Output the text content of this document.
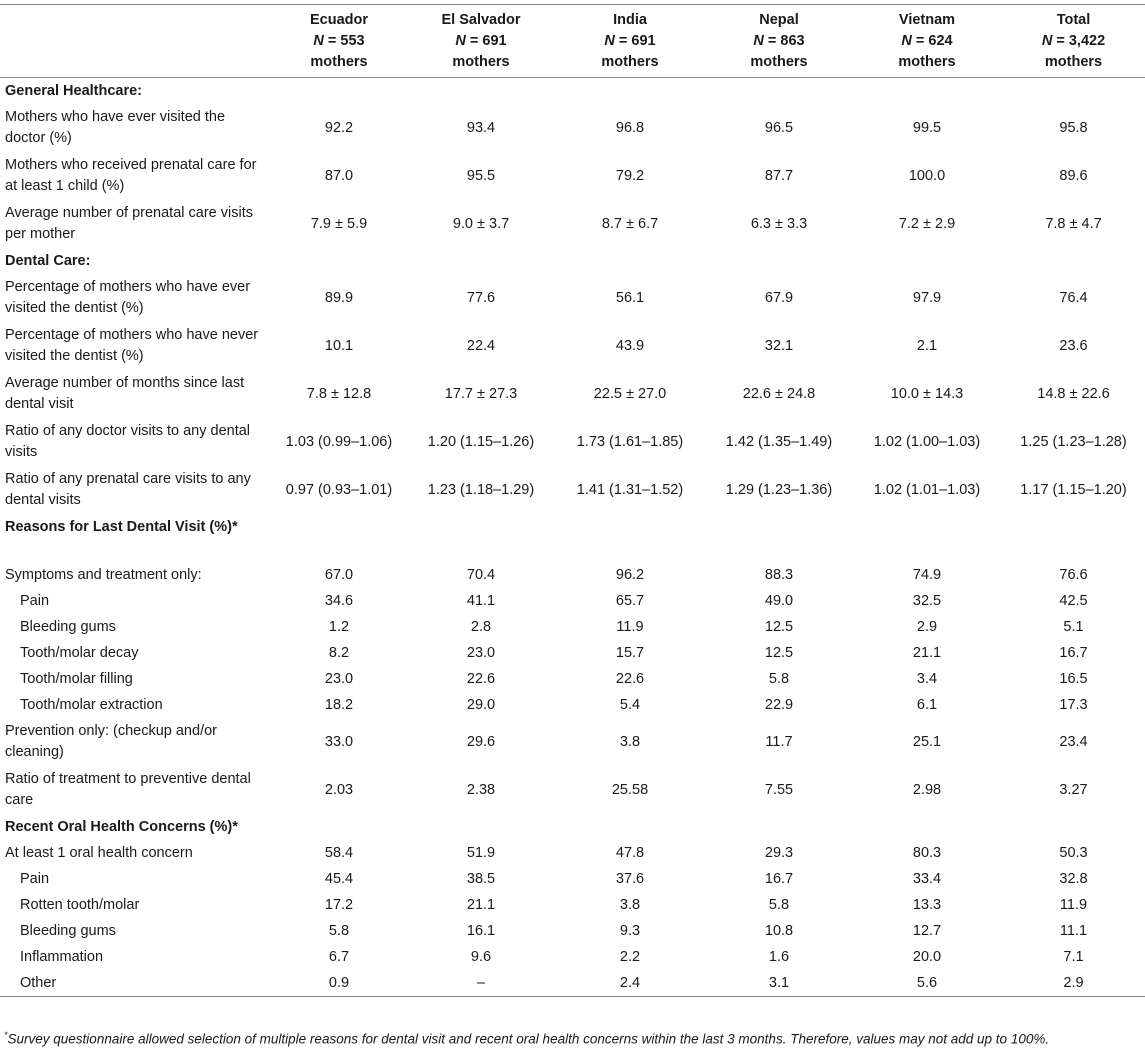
	Ecuador
N = 553
mothers	El Salvador
N = 691
mothers	India
N = 691
mothers	Nepal
N = 863
mothers	Vietnam
N = 624
mothers	Total
N = 3,422
mothers

General Healthcare:						
Mothers who have ever visited the doctor (%)	92.2	93.4	96.8	96.5	99.5	95.8
Mothers who received prenatal care for at least 1 child (%)	87.0	95.5	79.2	87.7	100.0	89.6
Average number of prenatal care visits per mother	7.9 ± 5.9	9.0 ± 3.7	8.7 ± 6.7	6.3 ± 3.3	7.2 ± 2.9	7.8 ± 4.7
Dental Care:						
Percentage of mothers who have ever visited the dentist (%)	89.9	77.6	56.1	67.9	97.9	76.4
Percentage of mothers who have never visited the dentist (%)	10.1	22.4	43.9	32.1	2.1	23.6
Average number of months since last dental visit	7.8 ± 12.8	17.7 ± 27.3	22.5 ± 27.0	22.6 ± 24.8	10.0 ± 14.3	14.8 ± 22.6
Ratio of any doctor visits to any dental visits	1.03 (0.99–1.06)	1.20 (1.15–1.26)	1.73 (1.61–1.85)	1.42 (1.35–1.49)	1.02 (1.00–1.03)	1.25 (1.23–1.28)
Ratio of any prenatal care visits to any dental visits	0.97 (0.93–1.01)	1.23 (1.18–1.29)	1.41 (1.31–1.52)	1.29 (1.23–1.36)	1.02 (1.01–1.03)	1.17 (1.15–1.20)
Reasons for Last Dental Visit (%)*						
Symptoms and treatment only:	67.0	70.4	96.2	88.3	74.9	76.6
Pain	34.6	41.1	65.7	49.0	32.5	42.5
Bleeding gums	1.2	2.8	11.9	12.5	2.9	5.1
Tooth/molar decay	8.2	23.0	15.7	12.5	21.1	16.7
Tooth/molar filling	23.0	22.6	22.6	5.8	3.4	16.5
Tooth/molar extraction	18.2	29.0	5.4	22.9	6.1	17.3
Prevention only: (checkup and/or cleaning)	33.0	29.6	3.8	11.7	25.1	23.4
Ratio of treatment to preventive dental care	2.03	2.38	25.58	7.55	2.98	3.27
Recent Oral Health Concerns (%)*						
At least 1 oral health concern	58.4	51.9	47.8	29.3	80.3	50.3
Pain	45.4	38.5	37.6	16.7	33.4	32.8
Rotten tooth/molar	17.2	21.1	3.8	5.8	13.3	11.9
Bleeding gums	5.8	16.1	9.3	10.8	12.7	11.1
Inflammation	6.7	9.6	2.2	1.6	20.0	7.1
Other	0.9	–	2.4	3.1	5.6	2.9
*Survey questionnaire allowed selection of multiple reasons for dental visit and recent oral health concerns within the last 3 months. Therefore, values may not add up to 100%.
